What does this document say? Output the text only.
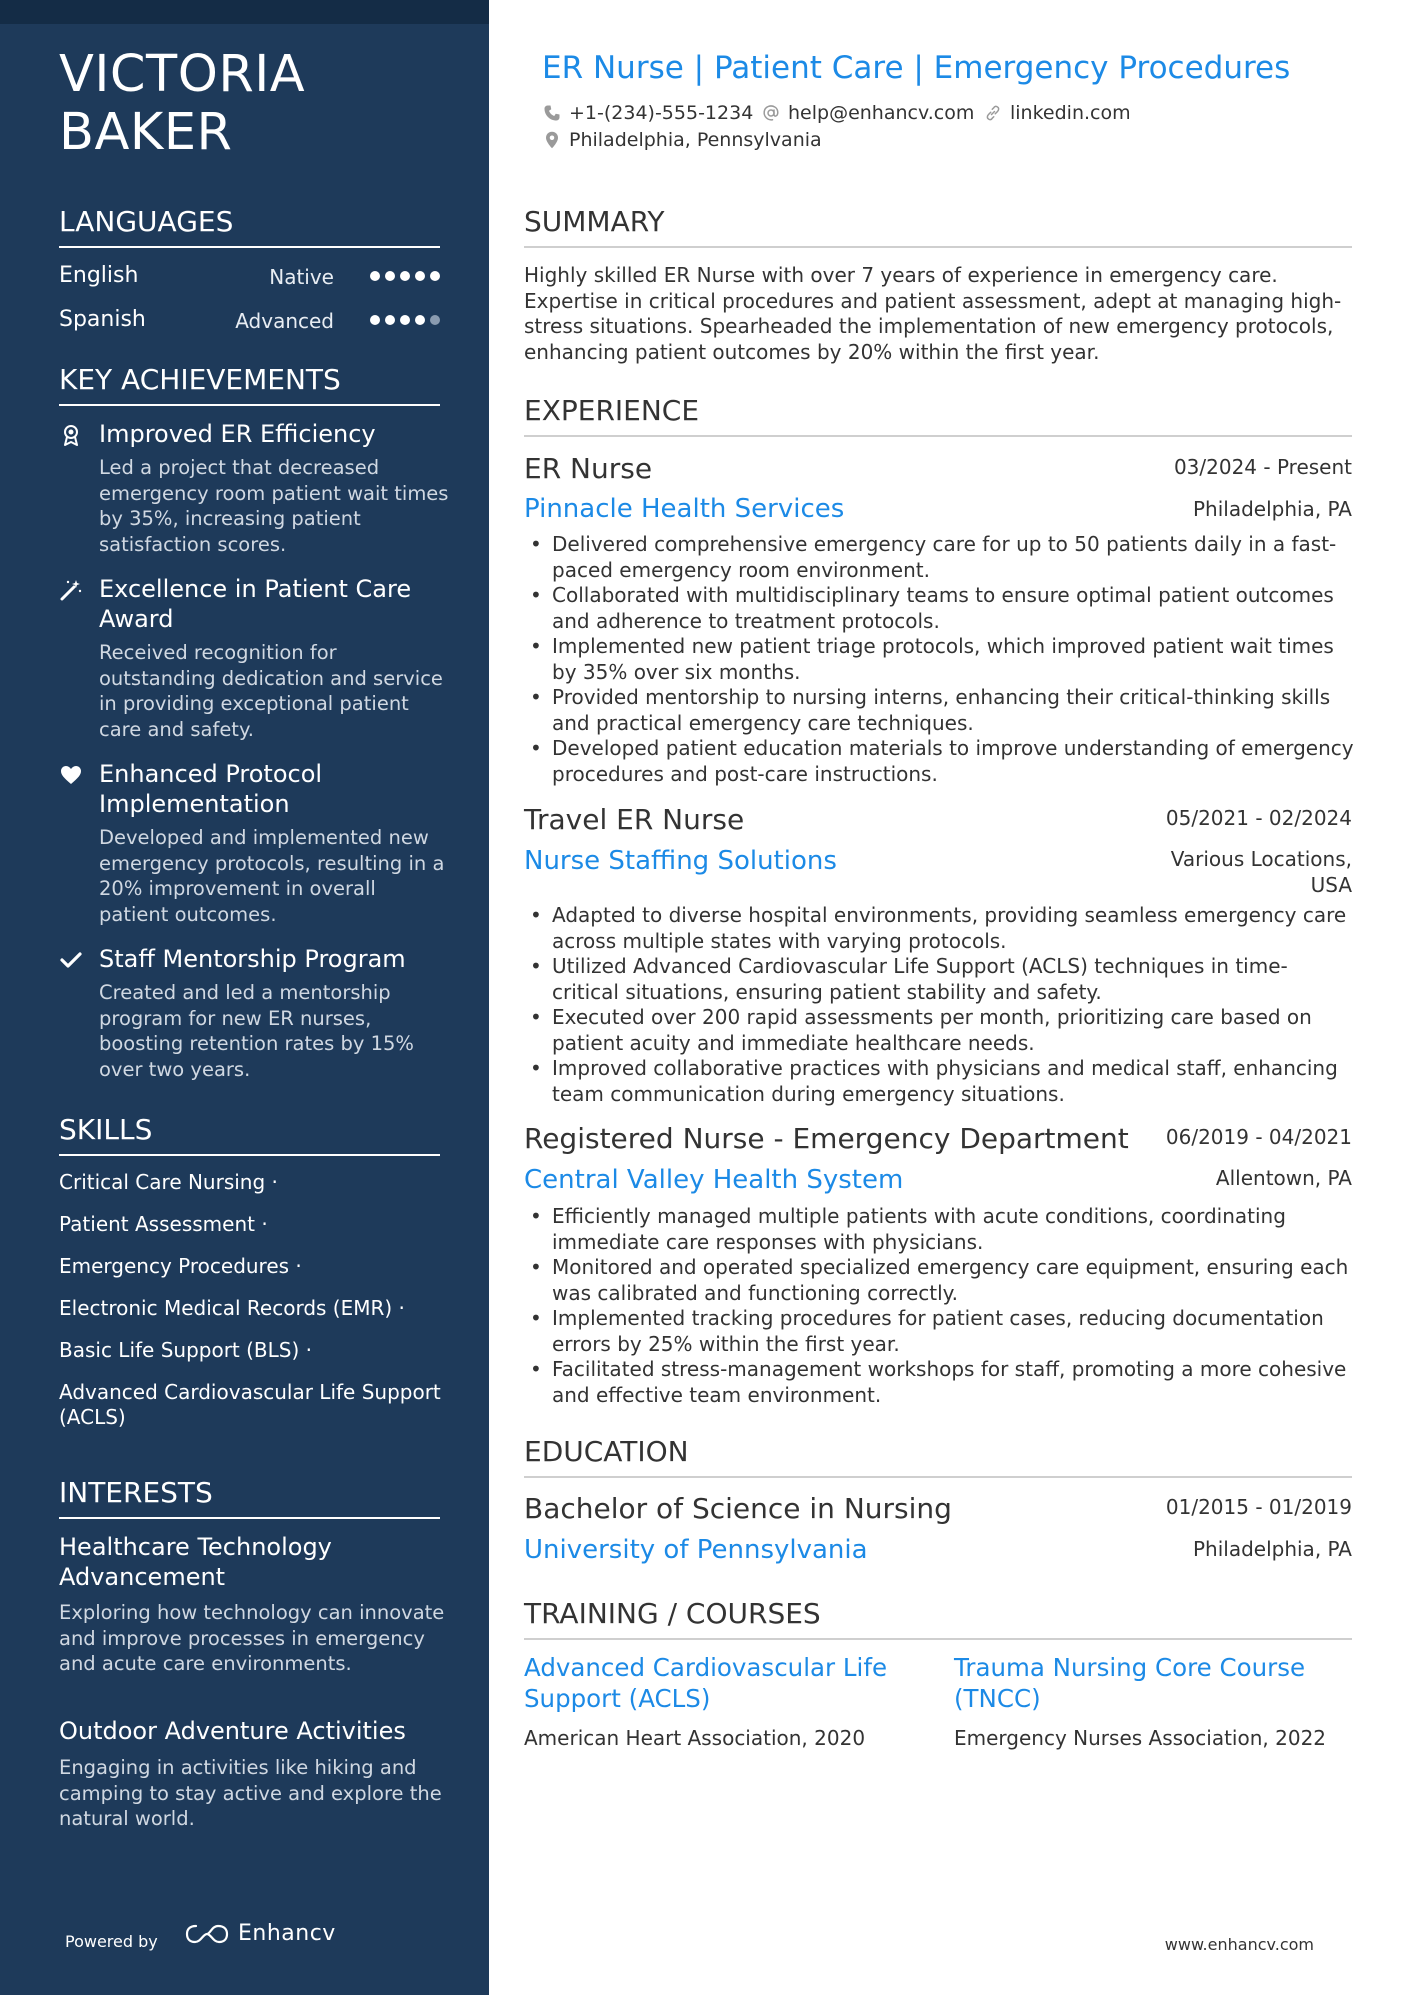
VICTORIA
BAKER
LANGUAGES
English	Native
Spanish	Advanced
KEY ACHIEVEMENTS
Improved ER Efficiency
Led a project that decreased emergency room patient wait times by 35%, increasing patient satisfaction scores.
Excellence in Patient Care Award
Received recognition for outstanding dedication and service in providing exceptional patient care and safety.
Enhanced Protocol Implementation
Developed and implemented new emergency protocols, resulting in a 20% improvement in overall patient outcomes.
Staff Mentorship Program
Created and led a mentorship program for new ER nurses, boosting retention rates by 15% over two years.
SKILLS
Critical Care Nursing ·
Patient Assessment ·
Emergency Procedures ·
Electronic Medical Records (EMR) ·
Basic Life Support (BLS) ·
Advanced Cardiovascular Life Support (ACLS)
INTERESTS
Healthcare Technology Advancement
Exploring how technology can innovate and improve processes in emergency and acute care environments.
Outdoor Adventure Activities
Engaging in activities like hiking and camping to stay active and explore the natural world.
Powered by	Enhancv
ER Nurse | Patient Care | Emergency Procedures
+1-(234)-555-1234 help@enhancv.com linkedin.com
Philadelphia, Pennsylvania
SUMMARY
Highly skilled ER Nurse with over 7 years of experience in emergency care. Expertise in critical procedures and patient assessment, adept at managing high-stress situations. Spearheaded the implementation of new emergency protocols, enhancing patient outcomes by 20% within the first year.
EXPERIENCE
ER Nurse	03/2024 - Present
Pinnacle Health Services	Philadelphia, PA
• Delivered comprehensive emergency care for up to 50 patients daily in a fast-paced emergency room environment.
• Collaborated with multidisciplinary teams to ensure optimal patient outcomes and adherence to treatment protocols.
• Implemented new patient triage protocols, which improved patient wait times by 35% over six months.
• Provided mentorship to nursing interns, enhancing their critical-thinking skills and practical emergency care techniques.
• Developed patient education materials to improve understanding of emergency procedures and post-care instructions.
Travel ER Nurse	05/2021 - 02/2024
Nurse Staffing Solutions	Various Locations, USA
• Adapted to diverse hospital environments, providing seamless emergency care across multiple states with varying protocols.
• Utilized Advanced Cardiovascular Life Support (ACLS) techniques in time-critical situations, ensuring patient stability and safety.
• Executed over 200 rapid assessments per month, prioritizing care based on patient acuity and immediate healthcare needs.
• Improved collaborative practices with physicians and medical staff, enhancing team communication during emergency situations.
Registered Nurse - Emergency Department 06/2019 - 04/2021
Central Valley Health System	Allentown, PA
• Efficiently managed multiple patients with acute conditions, coordinating immediate care responses with physicians.
• Monitored and operated specialized emergency care equipment, ensuring each was calibrated and functioning correctly.
• Implemented tracking procedures for patient cases, reducing documentation errors by 25% within the first year.
• Facilitated stress-management workshops for staff, promoting a more cohesive and effective team environment.
EDUCATION
Bachelor of Science in Nursing	01/2015 - 01/2019
University of Pennsylvania	Philadelphia, PA
TRAINING / COURSES
Advanced Cardiovascular Life Support (ACLS)
American Heart Association, 2020
Trauma Nursing Core Course (TNCC)
Emergency Nurses Association, 2022
www.enhancv.com
